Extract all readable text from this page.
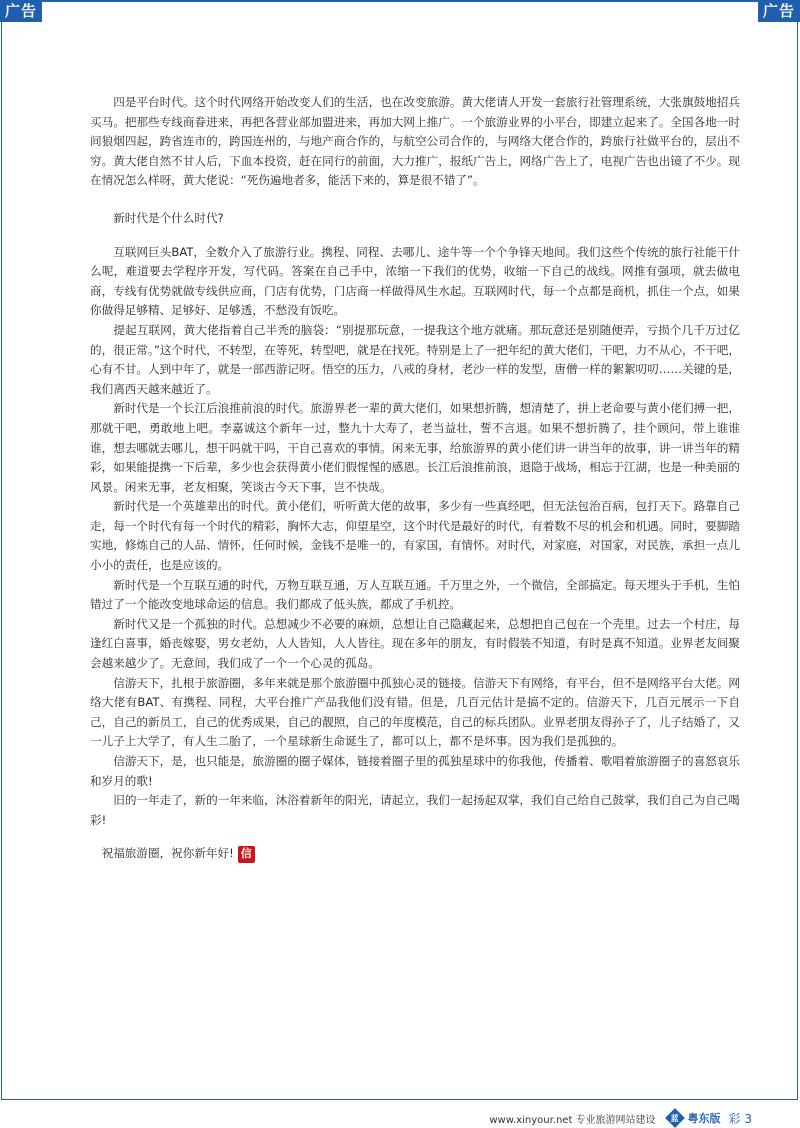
广告	广告

　　四是平台时代。这个时代网络开始改变人们的生活，也在改变旅游。黄大佬请人开发一套旅行社管理系统，大张旗鼓地招兵买马。把那些专线商眷进来，再把各营业部加盟进来，再加大网上推广。一个旅游业界的小平台，即建立起来了。全国各地一时间狼烟四起，跨省连市的，跨国连州的，与地产商合作的，与航空公司合作的，与网络大佬合作的，跨旅行社做平台的，层出不穷。黄大佬自然不甘人后，下血本投资，赶在同行的前面，大力推广，报纸广告上，网络广告上了，电视广告也出镜了不少。现在情况怎么样呀，黄大佬说：“死伤遍地者多，能活下来的，算是很不错了”。

　　新时代是个什么时代?

　　互联网巨头BAT，全数介入了旅游行业。携程、同程、去哪儿、途牛等一个个争锋天地间。我们这些个传统的旅行社能干什么呢，难道要去学程序开发，写代码。答案在自己手中，浓缩一下我们的优势，收缩一下自己的战线。网推有强项，就去做电商，专线有优势就做专线供应商，门店有优势，门店商一样做得风生水起。互联网时代，每一个点都是商机，抓住一个点，如果你做得足够精、足够好、足够透，不愁没有饭吃。

　　提起互联网，黄大佬指着自己半秃的脑袋：“别提那玩意，一提我这个地方就痛。那玩意还是别随便弄，亏损个几千万过亿的，很正常。”这个时代，不转型，在等死，转型吧，就是在找死。特别是上了一把年纪的黄大佬们，干吧，力不从心，不干吧，心有不甘。人到中年了，就是一部西游记呀。悟空的压力，八戒的身材，老沙一样的发型，唐僧一样的絮絮叨叨……关键的是，我们离西天越来越近了。

　　新时代是一个长江后浪推前浪的时代。旅游界老一辈的黄大佬们，如果想折腾，想清楚了，拼上老命要与黄小佬们搏一把，那就干吧，勇敢地上吧。李嘉诚这个新年一过，整九十大寿了，老当益壮，誓不言退。如果不想折腾了，挂个顾问，带上谁谁谁，想去哪就去哪儿，想干吗就干吗，干自己喜欢的事情。闲来无事，给旅游界的黄小佬们讲一讲当年的故事，讲一讲当年的精彩，如果能提携一下后辈，多少也会获得黄小佬们假惺惺的感恩。长江后浪推前浪，退隐于战场，相忘于江湖，也是一种美丽的风景。闲来无事，老友相聚，笑谈古今天下事，岂不快哉。

　　新时代是一个英雄辈出的时代。黄小佬们，听听黄大佬的故事，多少有一些真经吧，但无法包治百病，包打天下。路靠自己走，每一个时代有每一个时代的精彩，胸怀大志，仰望星空，这个时代是最好的时代，有着数不尽的机会和机遇。同时，要脚踏实地，修炼自己的人品、情怀，任何时候，金钱不是唯一的，有家国，有情怀。对时代，对家庭，对国家，对民族，承担一点儿小小的责任，也是应该的。

　　新时代是一个互联互通的时代，万物互联互通，万人互联互通。千万里之外，一个微信，全部搞定。每天埋头于手机，生怕错过了一个能改变地球命运的信息。我们都成了低头族，都成了手机控。

　　新时代又是一个孤独的时代。总想减少不必要的麻烦，总想让自己隐藏起来，总想把自己包在一个壳里。过去一个村庄，每逢红白喜事，婚丧嫁娶，男女老幼，人人皆知，人人皆往。现在多年的朋友，有时假装不知道，有时是真不知道。业界老友间聚会越来越少了。无意间，我们成了一个一个心灵的孤岛。

　　信游天下，扎根于旅游圈，多年来就是那个旅游圈中孤独心灵的链接。信游天下有网络，有平台，但不是网络平台大佬。网络大佬有BAT、有携程、同程，大平台推广产品我他们没有错。但是，几百元估计是搞不定的。信游天下，几百元展示一下自己，自己的新员工，自己的优秀成果，自己的靓照，自己的年度模范，自己的标兵团队。业界老朋友得孙子了，儿子结婚了，又一儿子上大学了，有人生二胎了，一个星球新生命诞生了，都可以上，都不是坏事。因为我们是孤独的。

　　信游天下，是，也只能是，旅游圈的圈子媒体，链接着圈子里的孤独星球中的你我他，传播着、歌唱着旅游圈子的喜怒哀乐和岁月的歌!

　　旧的一年走了，新的一年来临，沐浴着新年的阳光，请起立，我们一起扬起双掌，我们自己给自己鼓掌，我们自己为自己喝彩!

祝福旅游圈，祝你新年好! 信
www.xinyour.net 专业旅游网站建设 蓝 粤东版 彩 3
